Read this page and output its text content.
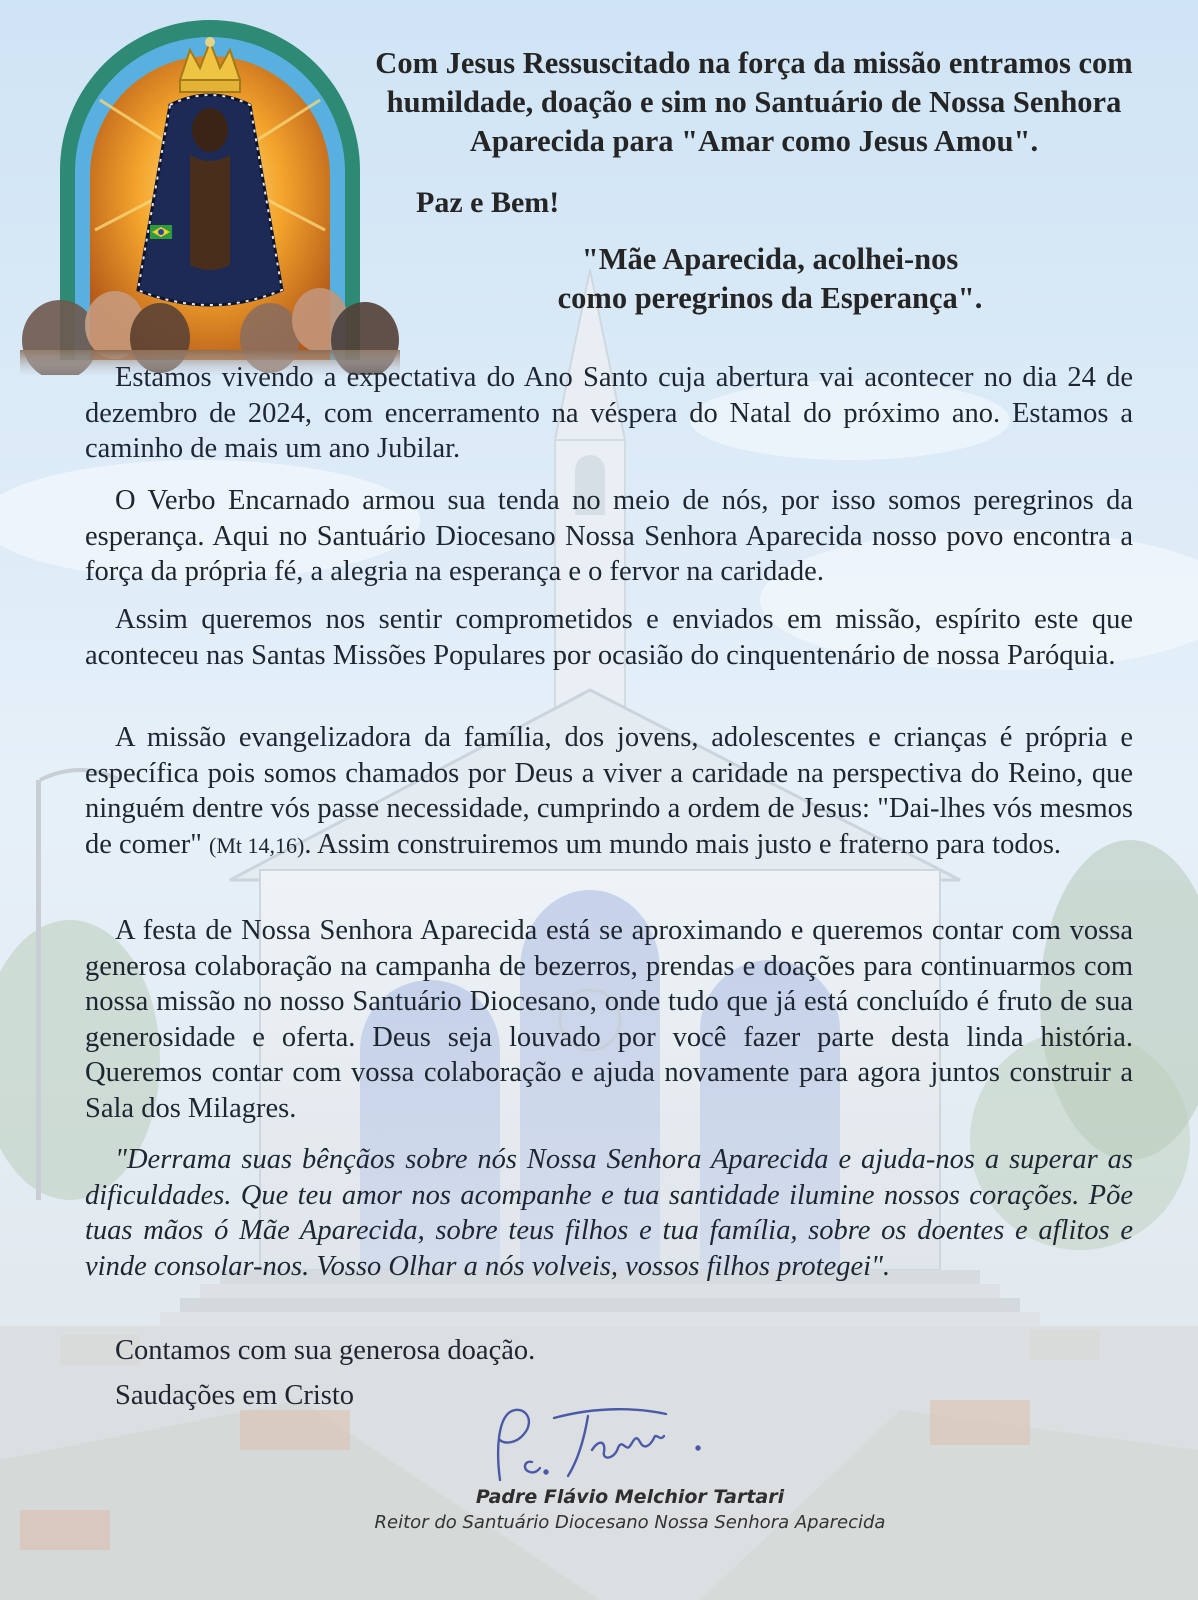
Com Jesus Ressuscitado na força da missão entramos com humildade, doação e sim no Santuário de Nossa Senhora Aparecida para "Amar como Jesus Amou".
Paz e Bem!
"Mãe Aparecida, acolhei-nos
como peregrinos da Esperança".

Estamos vivendo a expectativa do Ano Santo cuja abertura vai acontecer no dia 24 de dezembro de 2024, com encerramento na véspera do Natal do próximo ano. Estamos a caminho de mais um ano Jubilar.

O Verbo Encarnado armou sua tenda no meio de nós, por isso somos peregrinos da esperança. Aqui no Santuário Diocesano Nossa Senhora Aparecida nosso povo encontra a força da própria fé, a alegria na esperança e o fervor na caridade.

Assim queremos nos sentir comprometidos e enviados em missão, espírito este que aconteceu nas Santas Missões Populares por ocasião do cinquentenário de nossa Paróquia.

A missão evangelizadora da família, dos jovens, adolescentes e crianças é própria e específica pois somos chamados por Deus a viver a caridade na perspectiva do Reino, que ninguém dentre vós passe necessidade, cumprindo a ordem de Jesus: "Dai-lhes vós mesmos de comer" (Mt 14,16). Assim construiremos um mundo mais justo e fraterno para todos.

A festa de Nossa Senhora Aparecida está se aproximando e queremos contar com vossa generosa colaboração na campanha de bezerros, prendas e doações para continuarmos com nossa missão no nosso Santuário Diocesano, onde tudo que já está concluído é fruto de sua generosidade e oferta. Deus seja louvado por você fazer parte desta linda história. Queremos contar com vossa colaboração e ajuda novamente para agora juntos construir a Sala dos Milagres.

"Derrama suas bênçãos sobre nós Nossa Senhora Aparecida e ajuda-nos a superar as dificuldades. Que teu amor nos acompanhe e tua santidade ilumine nossos corações. Põe tuas mãos ó Mãe Aparecida, sobre teus filhos e tua família, sobre os doentes e aflitos e vinde consolar-nos. Vosso Olhar a nós volveis, vossos filhos protegei".

Contamos com sua generosa doação.
Saudações em Cristo
Padre Flávio Melchior Tartari
Reitor do Santuário Diocesano Nossa Senhora Aparecida
